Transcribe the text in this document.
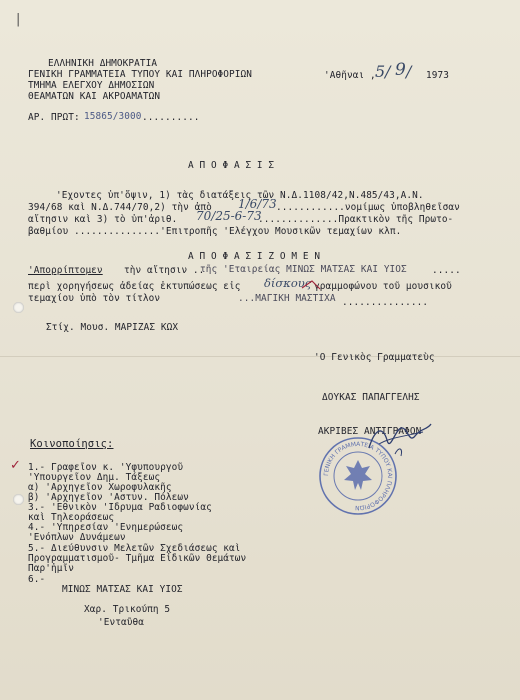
|
ΕΛΛΗΝΙΚΗ ΔΗΜΟΚΡΑΤΙΑ
ΓΕΝΙΚΗ ΓΡΑΜΜΑΤΕΙΑ ΤΥΠΟΥ ΚΑΙ ΠΛΗΡΟΦΟΡΙΩΝ
ΤΜΗΜΑ ΕΛΕΓΧΟΥ ΔΗΜΟΣΙΩΝ
ΘΕΑΜΑΤΩΝ ΚΑΙ ΑΚΡΟΑΜΑΤΩΝ
'Αθῆναι , 5 / 9 / 1973
ΑΡ. ΠΡΩΤ: 15865/3000 ..........
Α Π Ο Φ Α Σ Ι Σ
'Εχοντες ὑπ'ὄψιν, 1) τὰς διατάξεις τῶν Ν.Δ.1108/42,Ν.485/43,Α.Ν.
394/68 καὶ Ν.Δ.744/70,2) τὴν ἀπὸ 1/6/73 ............νομίμως ὑποβληθεῖσαν
αἴτησιν καὶ 3) τὸ ὑπ'ἀριθ. 70/25-6-73
..............Πρακτικὸν τῆς Πρωτο-
βαθμίου ...............'Επιτροπῆς 'Ελέγχου Μουσικῶν τεμαχίων κλπ.
Α Π Ο Φ Α Σ Ι Ζ Ο Μ Ε Ν
'Απορρίπτομεν τὴν αἴτησιν ..
τῆς 'Εταιρείας ΜΙΝΩΣ ΜΑΤΣΑΣ ΚΑΙ ΥΙΟΣ	.....
περὶ χορηγήσεως ἀδείας ἐκτυπώσεως εἰς δίσκους γραμμοφώνου τοῦ μουσικοῦ
τεμαχίου ὑπὸ τὸν τίτλον	...ΜΑΓΙΚΗ ΜΑΣΤΙΧΑ ...............
Στίχ. Μουσ. ΜΑΡΙΖΑΣ ΚΩΧ
'Ο Γενικὸς Γραμματεὺς
ΔΟΥΚΑΣ ΠΑΠΑΓΓΕΛΗΣ
ΑΚΡΙΒΕΣ ΑΝΤΙΓΡΑΦΟΝ
ΓΕΝΙΚΗ ΓΡΑΜΜΑΤΕΙΑ ΤΥΠΟΥ ΚΑΙ ΠΛΗΡΟΦΟΡΙΩΝ
Κοινοποίησις:
✓ 1.- Γραφεῖον κ. 'Υφυπουργοῦ
'Υπουργεῖον Δημ. Τάξεως
α) 'Αρχηγεῖον Χωροφυλακῆς
β) 'Αρχηγεῖον 'Αστυν. Πόλεων
3.- 'Εθνικὸν 'Ιδρυμα Ραδιοφωνίας
καὶ Τηλεοράσεως
4.- 'Υπηρεσίαν 'Ενημερώσεως
'Ενόπλων Δυνάμεων
5.- Διεύθυνσιν Μελετῶν Σχεδιάσεως καὶ
Προγραμματισμοῦ- Τμῆμα Εἰδικῶν Θεμάτων
Παρ'ἡμῖν
6.-
ΜΙΝΩΣ ΜΑΤΣΑΣ ΚΑΙ ΥΙΟΣ
Χαρ. Τρικούπη 5
'Ενταῦθα
